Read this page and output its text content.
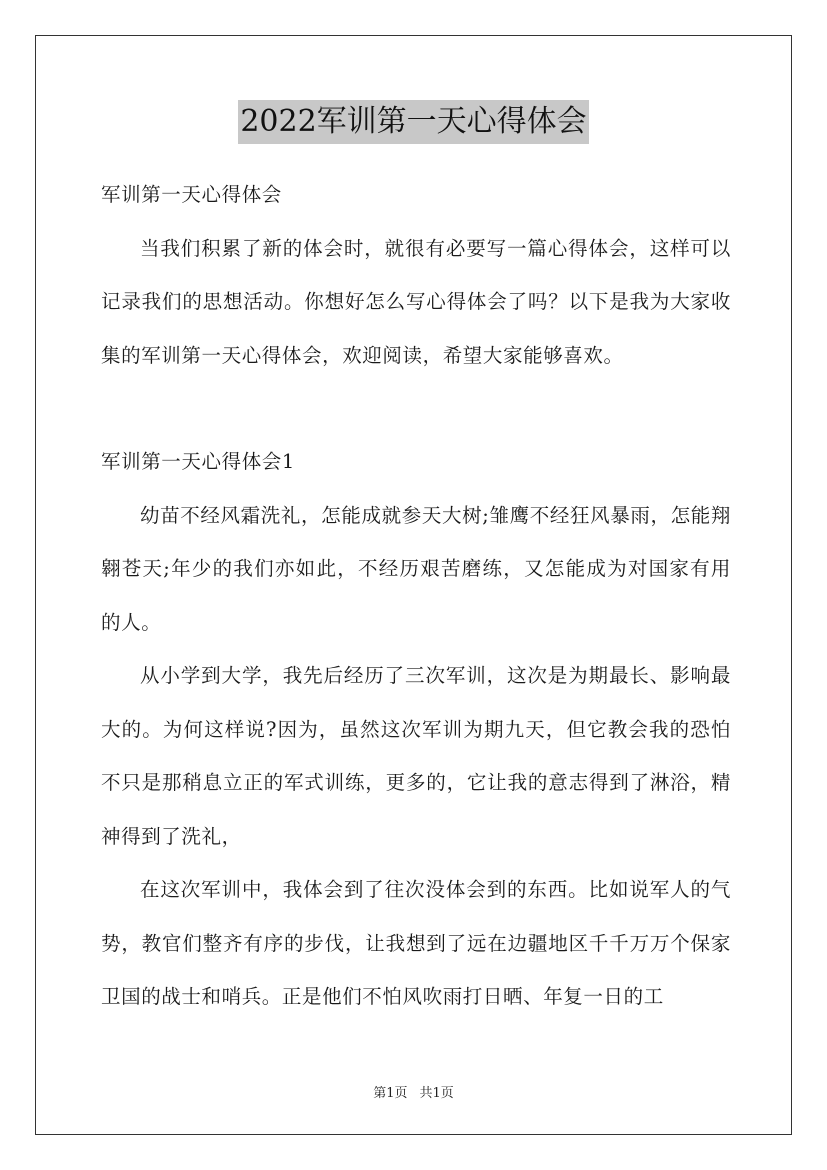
2022军训第一天心得体会

军训第一天心得体会

当我们积累了新的体会时，就很有必要写一篇心得体会，这样可以记录我们的思想活动。你想好怎么写心得体会了吗？以下是我为大家收集的军训第一天心得体会，欢迎阅读，希望大家能够喜欢。

军训第一天心得体会1

幼苗不经风霜洗礼，怎能成就参天大树;雏鹰不经狂风暴雨，怎能翔翱苍天;年少的我们亦如此，不经历艰苦磨练，又怎能成为对国家有用的人。

从小学到大学，我先后经历了三次军训，这次是为期最长、影响最大的。为何这样说?因为，虽然这次军训为期九天，但它教会我的恐怕不只是那稍息立正的军式训练，更多的，它让我的意志得到了淋浴，精神得到了洗礼，

在这次军训中，我体会到了往次没体会到的东西。比如说军人的气势，教官们整齐有序的步伐，让我想到了远在边疆地区千千万万个保家卫国的战士和哨兵。正是他们不怕风吹雨打日晒、年复一日的工

第1页 共1页
